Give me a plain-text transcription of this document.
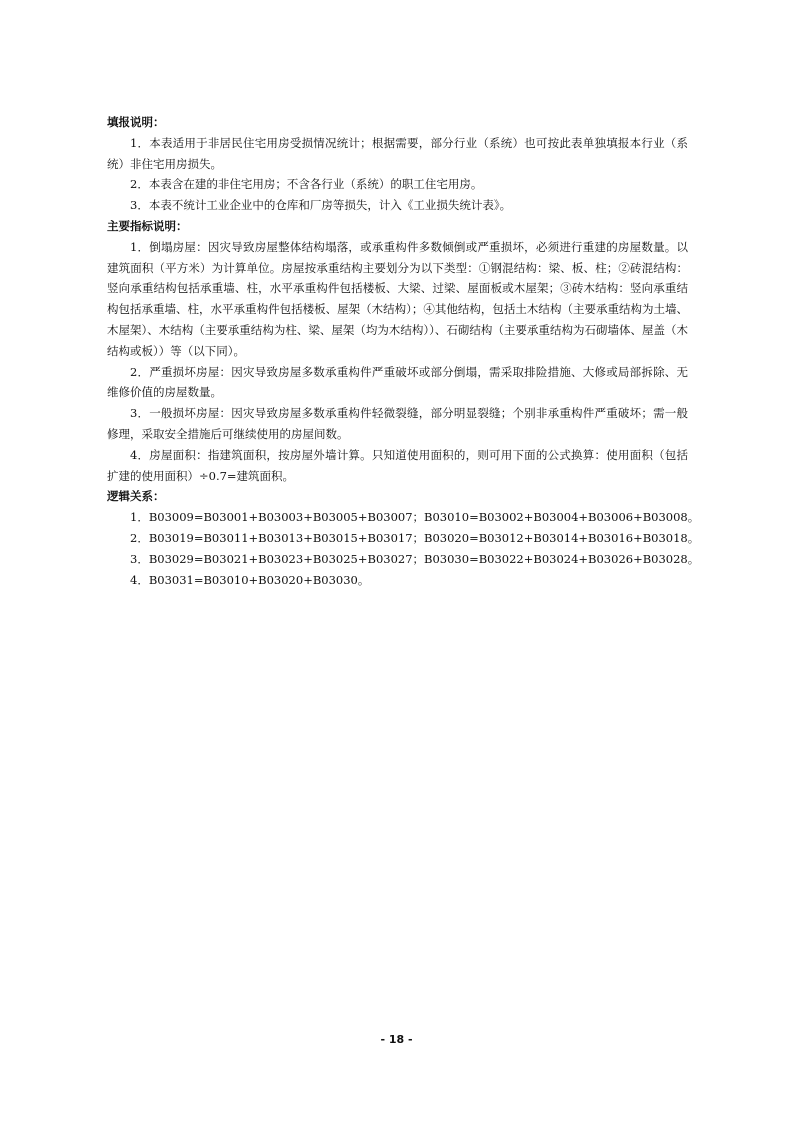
填报说明：

1．本表适用于非居民住宅用房受损情况统计；根据需要，部分行业（系统）也可按此表单独填报本行业（系统）非住宅用房损失。

2．本表含在建的非住宅用房；不含各行业（系统）的职工住宅用房。

3．本表不统计工业企业中的仓库和厂房等损失，计入《工业损失统计表》。

主要指标说明：

1．倒塌房屋：因灾导致房屋整体结构塌落，或承重构件多数倾倒或严重损坏，必须进行重建的房屋数量。以建筑面积（平方米）为计算单位。房屋按承重结构主要划分为以下类型：①钢混结构：梁、板、柱；②砖混结构：竖向承重结构包括承重墙、柱，水平承重构件包括楼板、大梁、过梁、屋面板或木屋架；③砖木结构：竖向承重结构包括承重墙、柱，水平承重构件包括楼板、屋架（木结构）；④其他结构，包括土木结构（主要承重结构为土墙、木屋架）、木结构（主要承重结构为柱、梁、屋架（均为木结构））、石砌结构（主要承重结构为石砌墙体、屋盖（木结构或板））等（以下同）。

2．严重损坏房屋：因灾导致房屋多数承重构件严重破坏或部分倒塌，需采取排险措施、大修或局部拆除、无维修价值的房屋数量。

3．一般损坏房屋：因灾导致房屋多数承重构件轻微裂缝，部分明显裂缝；个别非承重构件严重破坏；需一般修理，采取安全措施后可继续使用的房屋间数。

4．房屋面积：指建筑面积，按房屋外墙计算。只知道使用面积的，则可用下面的公式换算：使用面积（包括扩建的使用面积）÷0.7=建筑面积。

逻辑关系：

1．B03009=B03001+B03003+B03005+B03007；B03010=B03002+B03004+B03006+B03008。

2．B03019=B03011+B03013+B03015+B03017；B03020=B03012+B03014+B03016+B03018。

3．B03029=B03021+B03023+B03025+B03027；B03030=B03022+B03024+B03026+B03028。

4．B03031=B03010+B03020+B03030。

- 18 -
